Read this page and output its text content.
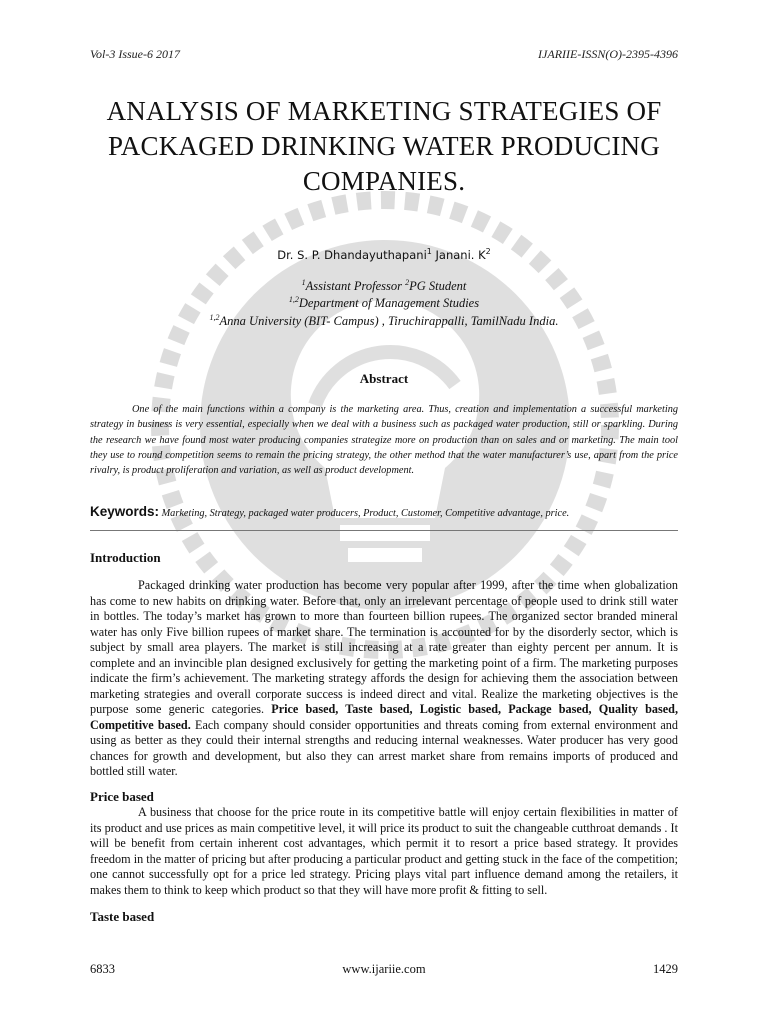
Vol-3 Issue-6 2017	IJARIIE-ISSN(O)-2395-4396
ANALYSIS OF MARKETING STRATEGIES OF PACKAGED DRINKING WATER PRODUCING COMPANIES.
Dr. S. P. Dhandayuthapani$^1$ Janani. $K^2$
$^1$Assistant Professor $^2$PG Student
$^{1,2}$Department of Management Studies
$^{1,2}$Anna University (BIT- Campus) , Tiruchirappalli, TamilNadu India.
Abstract
One of the main functions within a company is the marketing area. Thus, creation and implementation a successful marketing strategy in business is very essential, especially when we deal with a business such as packaged water production, still or sparkling. During the research we have found most water producing companies strategize more on production than on sales and or marketing. The main tool they use to round competition seems to remain the pricing strategy, the other method that the water manufacturer’s use, apart from the price rivalry, is product proliferation and variation, as well as product development.
Keywords: Marketing, Strategy, packaged water producers, Product, Customer, Competitive advantage, price.
Introduction
Packaged drinking water production has become very popular after 1999, after the time when globalization has come to new habits on drinking water. Before that, only an irrelevant percentage of people used to drink still water in bottles. The today’s market has grown to more than fourteen billion rupees. The organized sector branded mineral water has only Five billion rupees of market share. The termination is accounted for by the disorderly sector, which is subject by small area players. The market is still increasing at a rate greater than eighty percent per annum. It is complete and an invincible plan designed exclusively for getting the marketing point of a firm. The marketing purposes indicate the firm’s achievement. The marketing strategy affords the design for achieving them the association between marketing strategies and overall corporate success is indeed direct and vital. Realize the marketing objectives is the purpose some generic categories. Price based, Taste based, Logistic based, Package based, Quality based, Competitive based. Each company should consider opportunities and threats coming from external environment and using as better as they could their internal strengths and reducing internal weaknesses. Water producer has very good chances for growth and development, but also they can arrest market share from remains imports of produced and bottled still water.
Price based
A business that choose for the price route in its competitive battle will enjoy certain flexibilities in matter of its product and use prices as main competitive level, it will price its product to suit the changeable cutthroat demands . It will be benefit from certain inherent cost advantages, which permit it to resort a price based strategy. It provides freedom in the matter of pricing but after producing a particular product and getting stuck in the face of the competition; one cannot successfully opt for a price led strategy. Pricing plays vital part influence demand among the retailers, it makes them to think to keep which product so that they will have more profit & fitting to sell.
Taste based
6833	www.ijariie.com	1429
